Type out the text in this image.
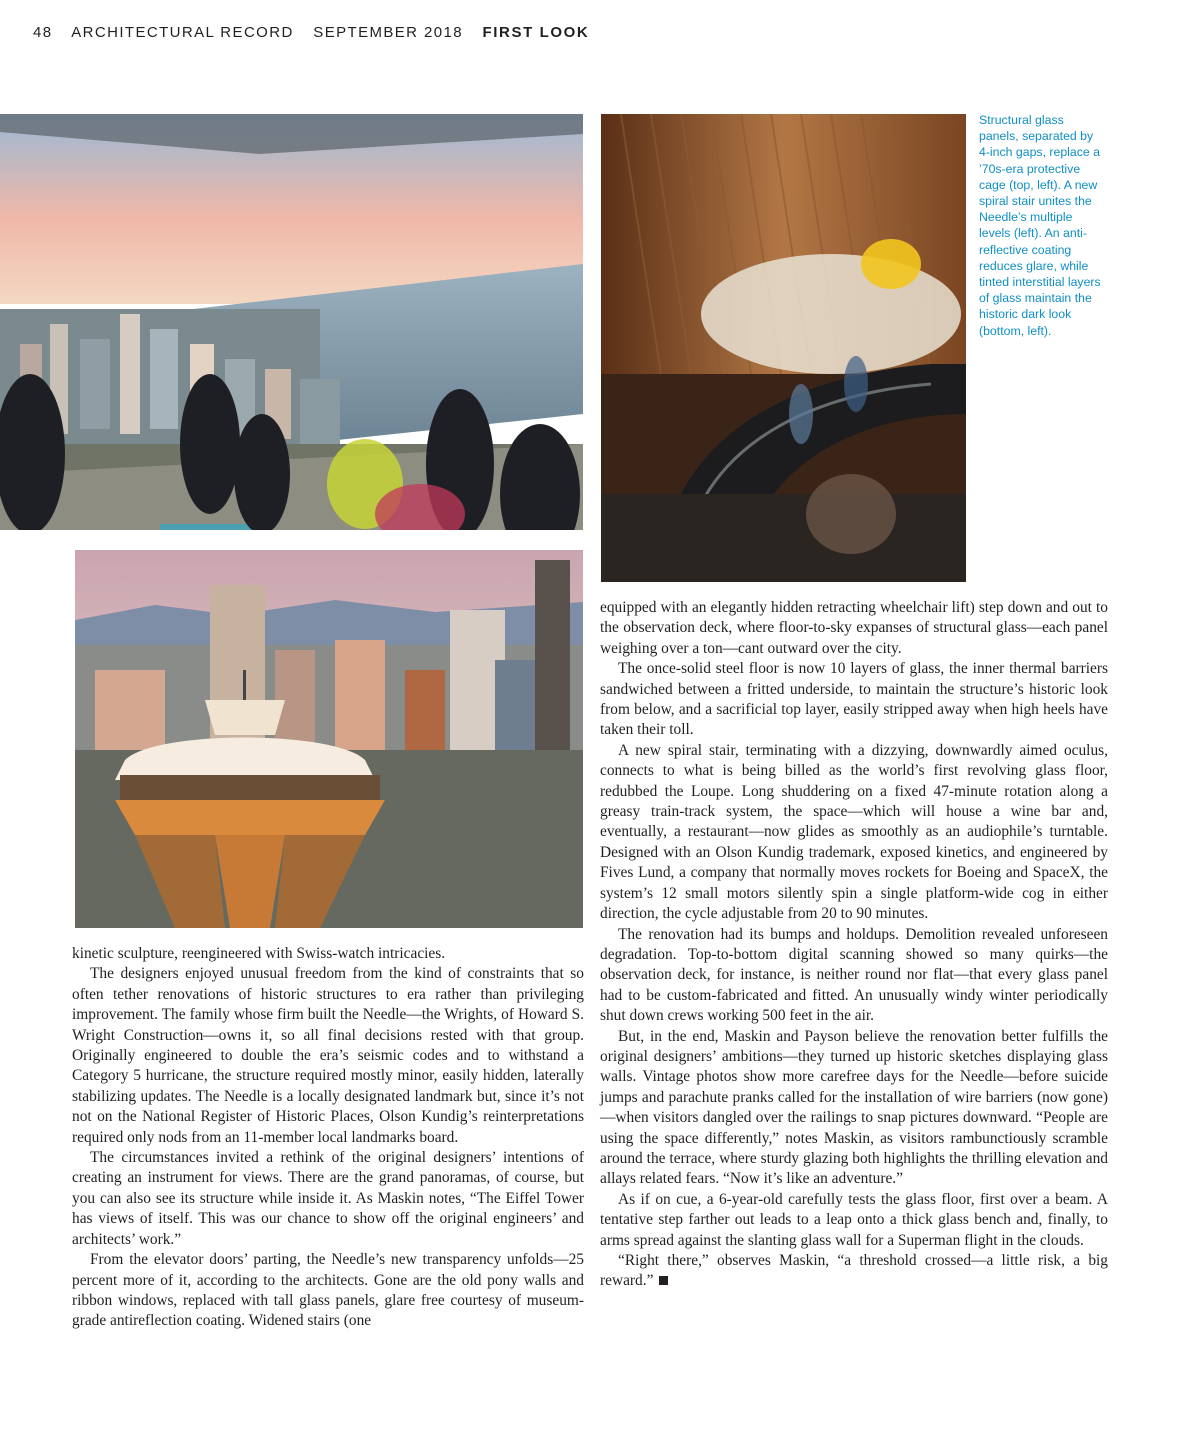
48 ARCHITECTURAL RECORD SEPTEMBER 2018 FIRST LOOK
Structural glass panels, separated by 4-inch gaps, replace a ’70s-era protective cage (top, left). A new spiral stair unites the Needle’s multiple levels (left). An anti-reflective coating reduces glare, while tinted interstitial layers of glass maintain the historic dark look (bottom, left).

kinetic sculpture, reengineered with Swiss-watch intricacies.

The designers enjoyed unusual freedom from the kind of constraints that so often tether renovations of historic structures to era rather than privileging improvement. The family whose firm built the Needle—the Wrights, of Howard S. Wright Construction—owns it, so all final decisions rested with that group. Originally engineered to double the era’s seismic codes and to withstand a Category 5 hurricane, the structure required mostly minor, easily hidden, laterally stabilizing updates. The Needle is a locally designated landmark but, since it’s not not on the National Register of Historic Places, Olson Kundig’s reinterpretations required only nods from an 11-member local landmarks board.

The circumstances invited a rethink of the original designers’ intentions of creating an instrument for views. There are the grand panoramas, of course, but you can also see its structure while inside it. As Maskin notes, “The Eiffel Tower has views of itself. This was our chance to show off the original engineers’ and architects’ work.”

From the elevator doors’ parting, the Needle’s new transparency unfolds—25 percent more of it, according to the architects. Gone are the old pony walls and ribbon windows, replaced with tall glass panels, glare free courtesy of museum-grade antireflection coating. Widened stairs (one

equipped with an elegantly hidden retracting wheelchair lift) step down and out to the observation deck, where floor-to-sky expanses of structural glass—each panel weighing over a ton—cant outward over the city.

The once-solid steel floor is now 10 layers of glass, the inner thermal barriers sandwiched between a fritted underside, to maintain the structure’s historic look from below, and a sacrificial top layer, easily stripped away when high heels have taken their toll.

A new spiral stair, terminating with a dizzying, downwardly aimed oculus, connects to what is being billed as the world’s first revolving glass floor, redubbed the Loupe. Long shuddering on a fixed 47-minute rotation along a greasy train-track system, the space—which will house a wine bar and, eventually, a restaurant—now glides as smoothly as an audiophile’s turntable. Designed with an Olson Kundig trademark, exposed kinetics, and engineered by Fives Lund, a company that normally moves rockets for Boeing and SpaceX, the system’s 12 small motors silently spin a single platform-wide cog in either direction, the cycle adjustable from 20 to 90 minutes.

The renovation had its bumps and holdups. Demolition revealed unforeseen degradation. Top-to-bottom digital scanning showed so many quirks—the observation deck, for instance, is neither round nor flat—that every glass panel had to be custom-fabricated and fitted. An unusually windy winter periodically shut down crews working 500 feet in the air.

But, in the end, Maskin and Payson believe the renovation better fulfills the original designers’ ambitions—they turned up historic sketches displaying glass walls. Vintage photos show more carefree days for the Needle—before suicide jumps and parachute pranks called for the installation of wire barriers (now gone)—when visitors dangled over the railings to snap pictures downward. “People are using the space differently,” notes Maskin, as visitors rambunctiously scramble around the terrace, where sturdy glazing both highlights the thrilling elevation and allays related fears. “Now it’s like an adventure.”

As if on cue, a 6-year-old carefully tests the glass floor, first over a beam. A tentative step farther out leads to a leap onto a thick glass bench and, finally, to arms spread against the slanting glass wall for a Superman flight in the clouds.

“Right there,” observes Maskin, “a threshold crossed—a little risk, a big reward.”
